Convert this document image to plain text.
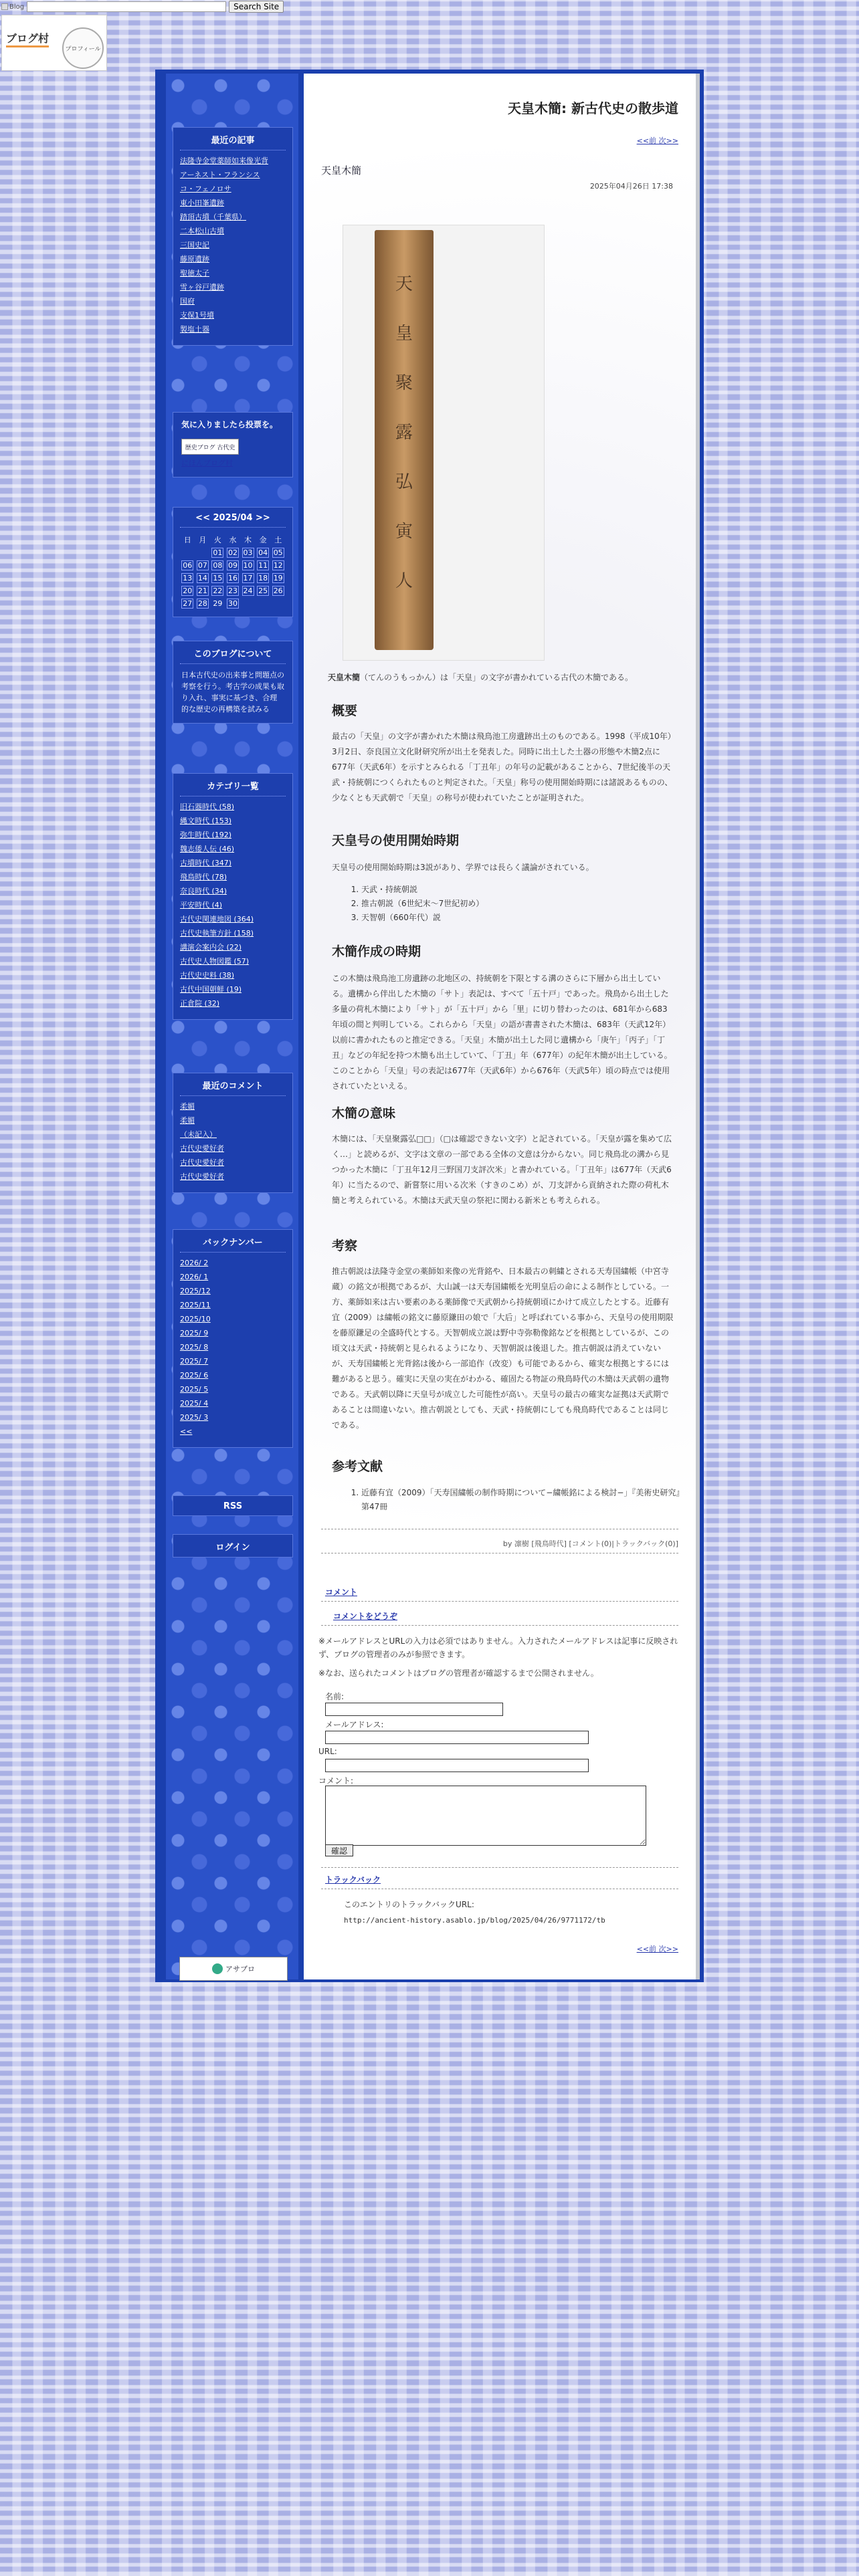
Blog	Search Site
ブログ村
プロフィール
最近の記事
法隆寺金堂薬師如来像光背
アーネスト・フランシス
コ・フェノロサ
東小田峯遺跡
踏頂古墳（千葉県）
二本松山古墳
三国史記
藤原遺跡
聖徳太子
雪ヶ谷戸遺跡
国府
支保1号墳
製塩土器
気に入りましたら投票を。
歴史ブログ 古代史
にほんブログ村
<< 2025/04 >>
日	月	火	水	木	金	土
		01	02	03	04	05
06	07	08	09	10	11	12
13	14	15	16	17	18	19
20	21	22	23	24	25	26
27	28	29	30			
このブログについて
日本古代史の出来事と問題点の考察を行う。考古学の成果も取り入れ、事実に基づき、合理的な歴史の再構築を試みる
カテゴリ一覧
旧石器時代 (58)
縄文時代 (153)
弥生時代 (192)
魏志倭人伝 (46)
古墳時代 (347)
飛鳥時代 (78)
奈良時代 (34)
平安時代 (4)
古代史関連地図 (364)
古代史執筆方針 (158)
講演会案内会 (22)
古代史人物図鑑 (57)
古代史史料 (38)
古代中国朝鮮 (19)
正倉院 (32)
最近のコメント
柔媚
柔媚
（未記入）
古代史愛好者
古代史愛好者
古代史愛好者
バックナンバー
2026/ 2
2026/ 1
2025/12
2025/11
2025/10
2025/ 9
2025/ 8
2025/ 7
2025/ 6
2025/ 5
2025/ 4
2025/ 3
<<
RSS
ログイン
アサブロ
天皇木簡: 新古代史の散歩道
<<前 次>>
天皇木簡
2025年04月26日 17:38
天
皇
聚
露
弘
寅
人
天皇木簡（てんのうもっかん）は「天皇」の文字が書かれている古代の木簡である。
概要
最古の「天皇」の文字が書かれた木簡は飛鳥池工房遺跡出土のものである。1998（平成10年）3月2日、奈良国立文化財研究所が出土を発表した。同時に出土した土器の形態や木簡2点に677年（天武6年）を示すとみられる「丁丑年」の年号の記載があることから、7世紀後半の天武・持統朝につくられたものと判定された。「天皇」称号の使用開始時期には諸説あるものの、少なくとも天武朝で「天皇」の称号が使われていたことが証明された。
天皇号の使用開始時期
天皇号の使用開始時期は3説があり、学界では長らく議論がされている。
1. 天武・持統朝説
2. 推古朝説（6世紀末〜7世紀初め）
3. 天智朝（660年代）説
木簡作成の時期
この木簡は飛鳥池工房遺跡の北地区の、持統朝を下限とする溝のさらに下層から出土している。遺構から伴出した木簡の「サト」表記は、すべて「五十戸」であった。飛鳥から出土した多量の荷札木簡により「サト」が「五十戸」から「里」に切り替わったのは、681年から683年頃の間と判明している。これらから「天皇」の語が書書された木簡は、683年（天武12年）以前に書かれたものと推定できる。「天皇」木簡が出土した同じ遺構から「庚午」「丙子」「丁丑」などの年紀を持つ木簡も出土していて、「丁丑」年（677年）の紀年木簡が出土している。このことから「天皇」号の表記は677年（天武6年）から676年（天武5年）頃の時点では使用されていたといえる。
木簡の意味
木簡には、「天皇聚露弘□□」（□は確認できない文字）と記されている。「天皇が露を集めて広く…」と読めるが、文字は文章の一部である全体の文意は分からない。同じ飛鳥北の溝から見つかった木簡に「丁丑年12月三野国刀支評次米」と書かれている。「丁丑年」は677年（天武6年）に当たるので、新嘗祭に用いる次米（すきのこめ）が、刀支評から貢納された際の荷札木簡と考えられている。木簡は天武天皇の祭祀に関わる新米とも考えられる。
考察
推古朝説は法隆寺金堂の薬師如来像の光背銘や、日本最古の刺繍とされる天寿国繍帳（中宮寺蔵）の銘文が根拠であるが、大山誠一は天寿国繍帳を光明皇后の命による制作としている。一方、薬師如来は古い要素のある薬師像で天武朝から持統朝頃にかけて成立したとする。近藤有宜（2009）は繍帳の銘文に藤原鎌田の娘で「大后」と呼ばれている事から、天皇号の使用期限を藤原鎌足の全盛時代とする。天智朝成立説は野中寺弥勒像銘などを根拠としているが、この頃文は天武・持統朝と見られるようになり、天智朝説は後退した。推古朝説は消えていないが、天寿国繍帳と光背銘は後から一部追作（改変）も可能であるから、確実な根拠とするには難があると思う。確実に天皇の実在がわかる、確固たる物証の飛鳥時代の木簡は天武朝の遺物である。天武朝以降に天皇号が成立した可能性が高い。天皇号の最古の確実な証拠は天武期であることは間違いない。推古朝説としても、天武・持統朝にしても飛鳥時代であることは同じである。
参考文献
1. 近藤有宜（2009）「天寿国繍帳の制作時期について−繍帳銘による検討−」『美術史研究』第47冊
by 凛樹 [飛鳥時代] [コメント(0)|トラックバック(0)]
コメント
コメントをどうぞ
※メールアドレスとURLの入力は必須ではありません。入力されたメールアドレスは記事に反映されず、ブログの管理者のみが参照できます。
※なお、送られたコメントはブログの管理者が確認するまで公開されません。
名前:
メールアドレス:
URL:
コメント:
確認
トラックバック
このエントリのトラックバックURL:
http://ancient-history.asablo.jp/blog/2025/04/26/9771172/tb
<<前 次>>
